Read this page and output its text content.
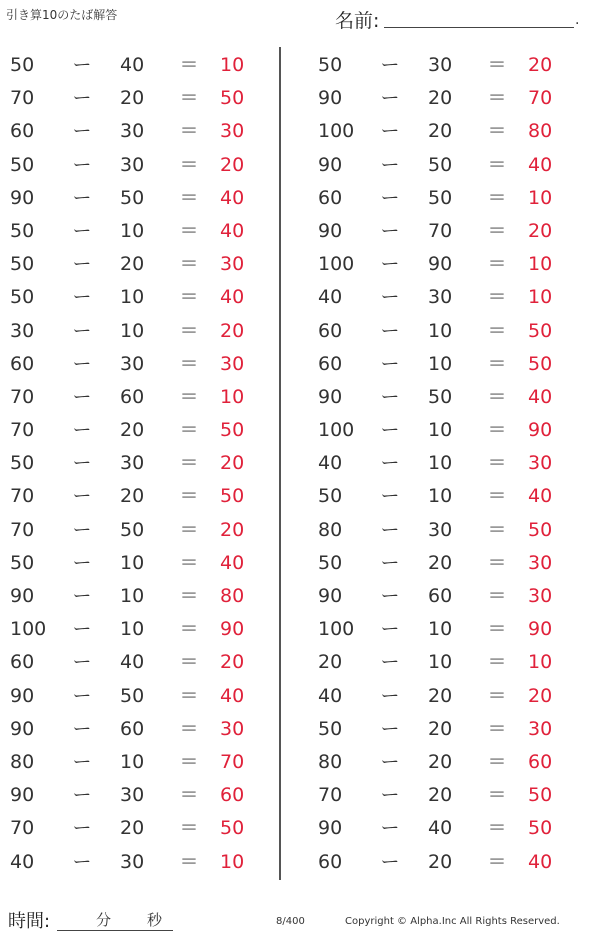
引き算10のたば解答	名前:	.
50	ー 40	＝ 10
70	ー 20	＝ 50
60	ー 30	＝ 30
50	ー 30	＝ 20
90	ー 50	＝ 40
50	ー 10	＝ 40
50	ー 20	＝ 30
50	ー 10	＝ 40
30	ー 10	＝ 20
60	ー 30	＝ 30
70	ー 60	＝ 10
70	ー 20	＝ 50
50	ー 30	＝ 20
70	ー 20	＝ 50
70	ー 50	＝ 20
50	ー 10	＝ 40
90	ー 10	＝ 80
100 ー 10	＝ 90
60	ー 40	＝ 20
90	ー 50	＝ 40
90	ー 60	＝ 30
80	ー 10	＝ 70
90	ー 30	＝ 60
70	ー 20	＝ 50
40	ー 30	＝ 10
50	ー 30	＝ 20
90	ー 20	＝ 70
100 ー 20	＝ 80
90	ー 50	＝ 40
60	ー 50	＝ 10
90	ー 70	＝ 20
100 ー 90	＝ 10
40	ー 30	＝ 10
60	ー 10	＝ 50
60	ー 10	＝ 50
90	ー 50	＝ 40
100 ー 10	＝ 90
40	ー 10	＝ 30
50	ー 10	＝ 40
80	ー 30	＝ 50
50	ー 20	＝ 30
90	ー 60	＝ 30
100 ー 10	＝ 90
20	ー 10	＝ 10
40	ー 20	＝ 20
50	ー 20	＝ 30
80	ー 20	＝ 60
70	ー 20	＝ 50
90	ー 40	＝ 50
60	ー 20	＝ 40
時間:	分 秒	8/400	Copyright © Alpha.Inc All Rights Reserved.
